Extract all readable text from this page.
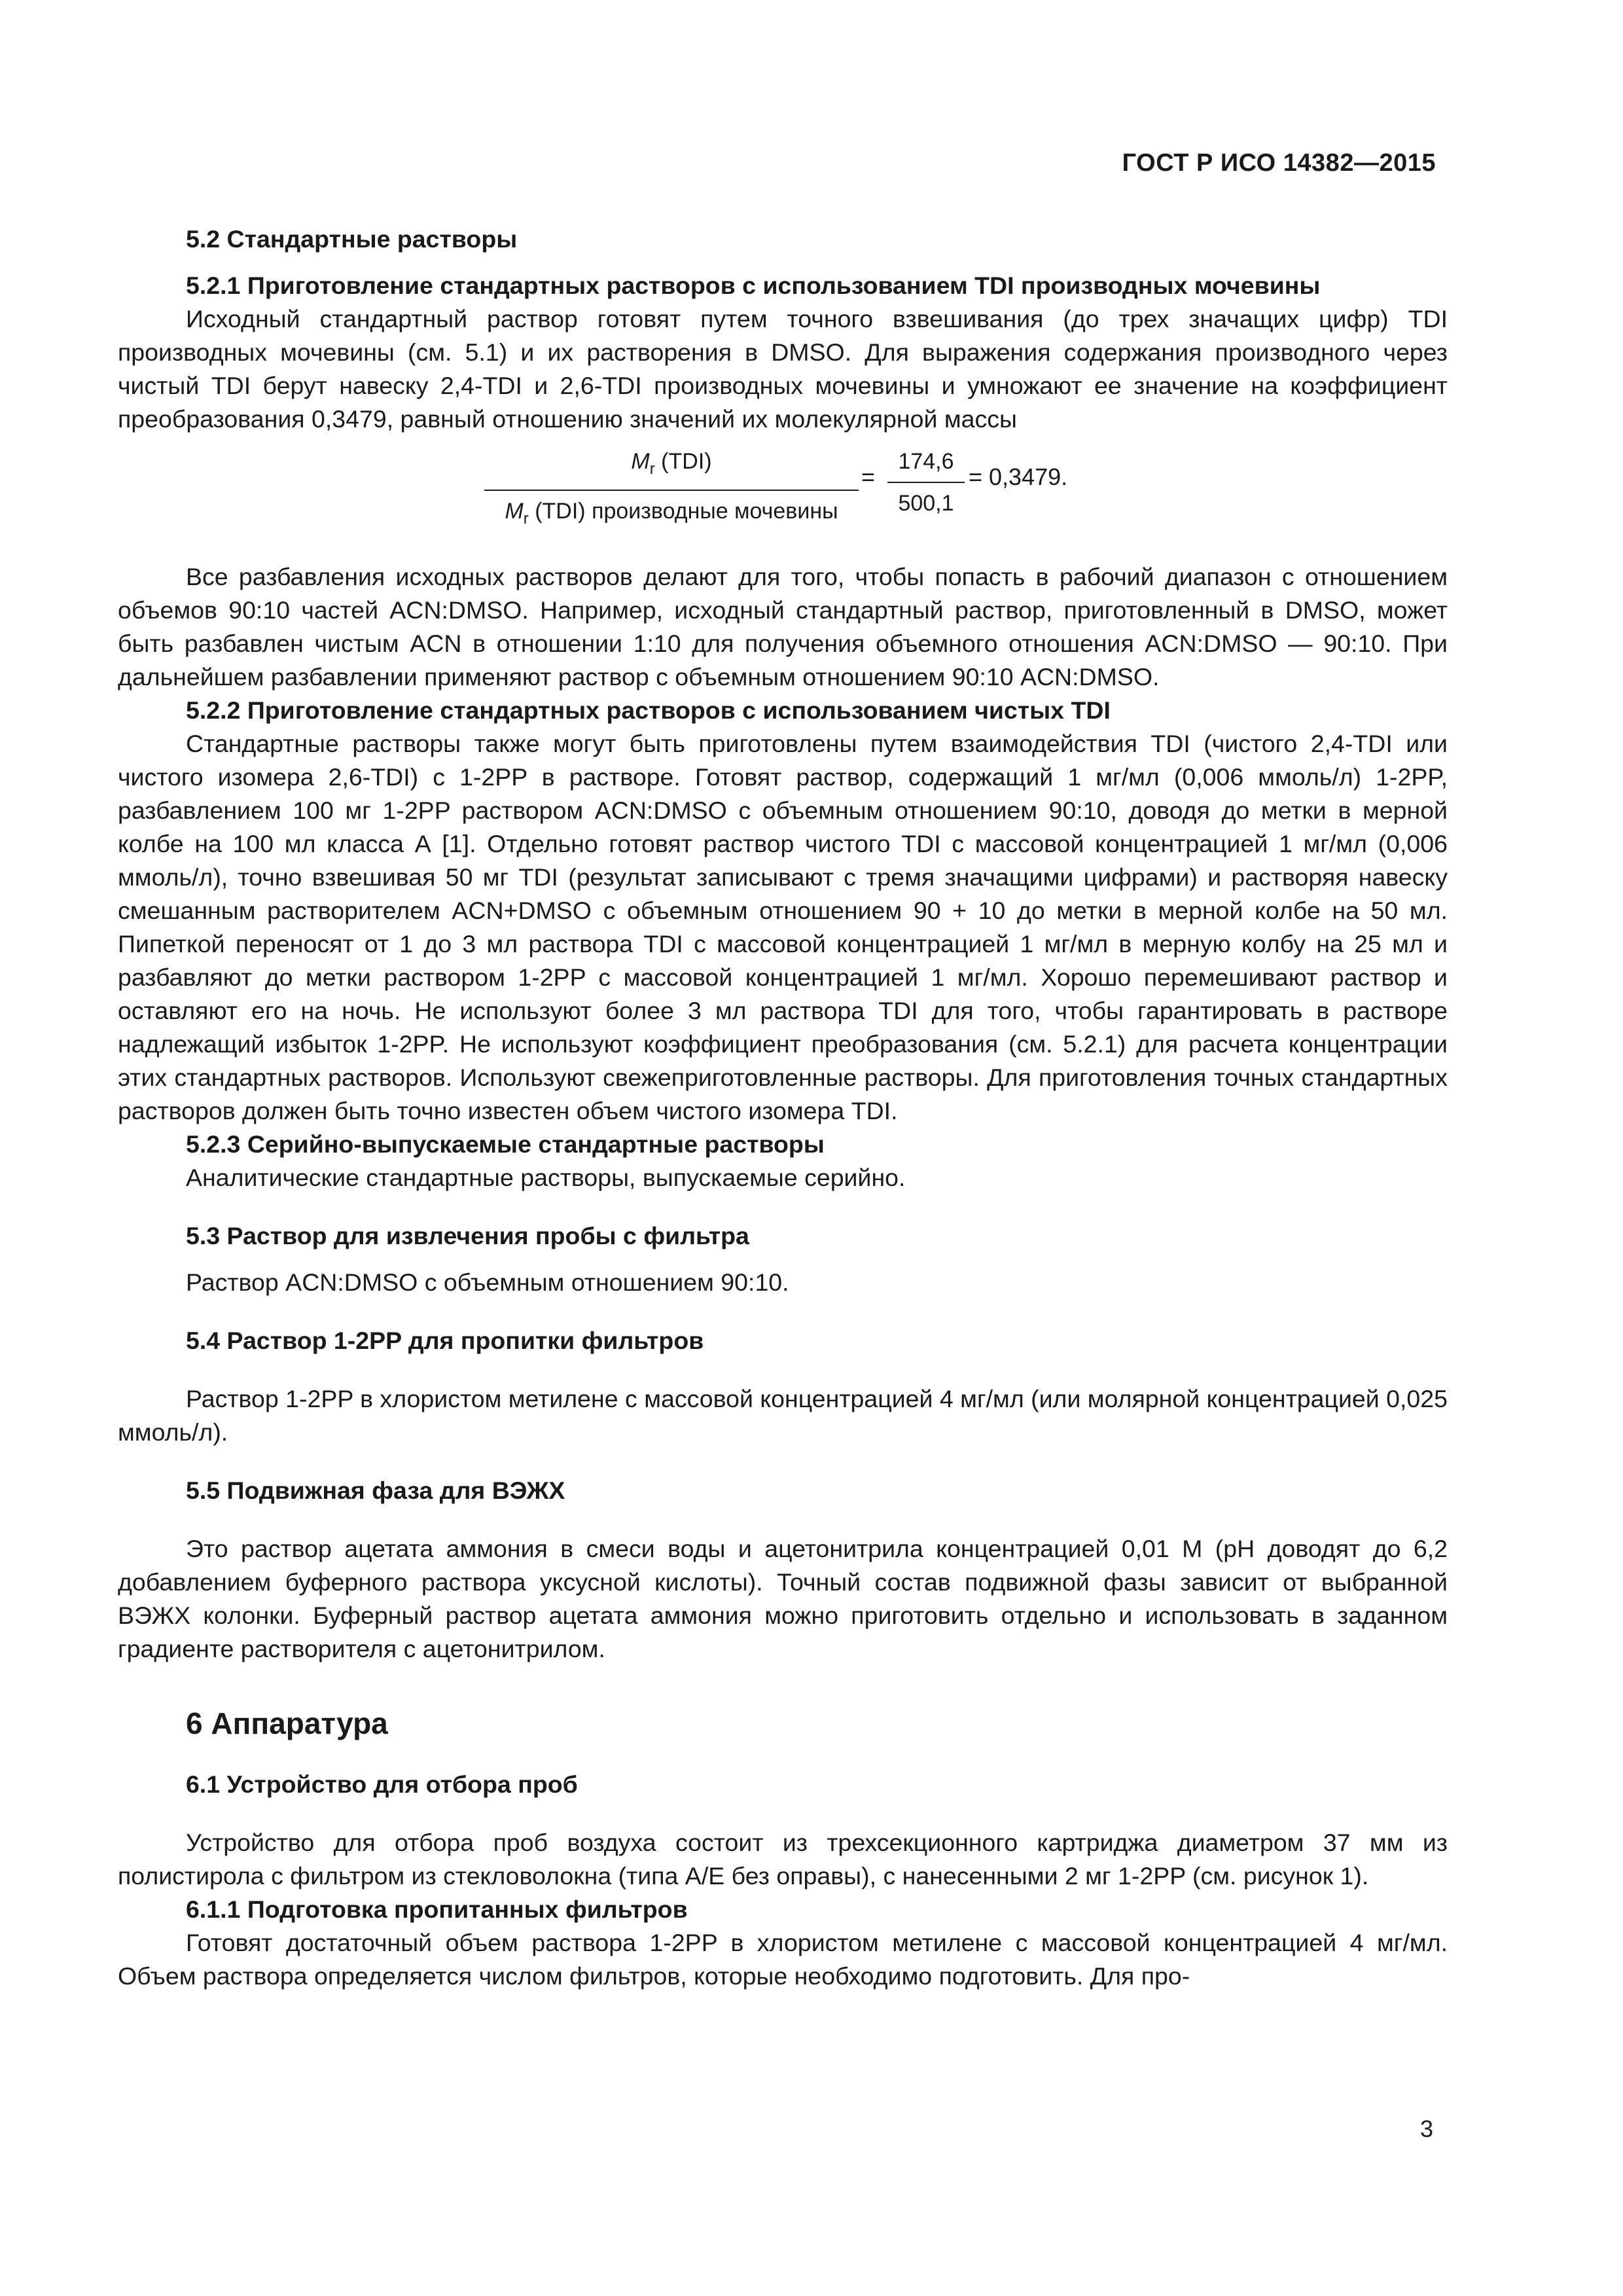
ГОСТ Р ИСО 14382—2015

5.2 Стандартные растворы

5.2.1 Приготовление стандартных растворов с использованием TDI производных мочевины

Исходный стандартный раствор готовят путем точного взвешивания (до трех значащих цифр) TDI производных мочевины (см. 5.1) и их растворения в DMSO. Для выражения содержания производного через чистый TDI берут навеску 2,4-TDI и 2,6-TDI производных мочевины и умножают ее значение на коэффициент преобразования 0,3479, равный отношению значений их молекулярной массы

$M_r$ (TDI)
$M_r$ (TDI) производные мочевины
=
174,6
500,1
= 0,3479.

Все разбавления исходных растворов делают для того, чтобы попасть в рабочий диапазон с отношением объемов 90:10 частей ACN:DMSO. Например, исходный стандартный раствор, приготовленный в DMSO, может быть разбавлен чистым ACN в отношении 1:10 для получения объемного отношения ACN:DMSO — 90:10. При дальнейшем разбавлении применяют раствор с объемным отношением 90:10 ACN:DMSO.

5.2.2 Приготовление стандартных растворов с использованием чистых TDI

Стандартные растворы также могут быть приготовлены путем взаимодействия TDI (чистого 2,4-TDI или чистого изомера 2,6-TDI) с 1-2PP в растворе. Готовят раствор, содержащий 1 мг/мл (0,006 ммоль/л) 1-2PP, разбавлением 100 мг 1-2PP раствором ACN:DMSO с объемным отношением 90:10, доводя до метки в мерной колбе на 100 мл класса А [1]. Отдельно готовят раствор чистого TDI с массовой концентрацией 1 мг/мл (0,006 ммоль/л), точно взвешивая 50 мг TDI (результат записывают с тремя значащими цифрами) и растворяя навеску смешанным растворителем ACN+DMSO с объемным отношением 90 + 10 до метки в мерной колбе на 50 мл. Пипеткой переносят от 1 до 3 мл раствора TDI с массовой концентрацией 1 мг/мл в мерную колбу на 25 мл и разбавляют до метки раствором 1-2PP с массовой концентрацией 1 мг/мл. Хорошо перемешивают раствор и оставляют его на ночь. Не используют более 3 мл раствора TDI для того, чтобы гарантировать в растворе надлежащий избыток 1-2PP. Не используют коэффициент преобразования (см. 5.2.1) для расчета концентрации этих стандартных растворов. Используют свежеприготовленные растворы. Для приготовления точных стандартных растворов должен быть точно известен объем чистого изомера TDI.

5.2.3 Серийно-выпускаемые стандартные растворы

Аналитические стандартные растворы, выпускаемые серийно.

5.3 Раствор для извлечения пробы с фильтра

Раствор ACN:DMSO с объемным отношением 90:10.

5.4 Раствор 1-2PP для пропитки фильтров

Раствор 1-2PP в хлористом метилене с массовой концентрацией 4 мг/мл (или молярной концентрацией 0,025 ммоль/л).

5.5 Подвижная фаза для ВЭЖХ

Это раствор ацетата аммония в смеси воды и ацетонитрила концентрацией 0,01 М (рН доводят до 6,2 добавлением буферного раствора уксусной кислоты). Точный состав подвижной фазы зависит от выбранной ВЭЖХ колонки. Буферный раствор ацетата аммония можно приготовить отдельно и использовать в заданном градиенте растворителя с ацетонитрилом.

6 Аппаратура

6.1 Устройство для отбора проб

Устройство для отбора проб воздуха состоит из трехсекционного картриджа диаметром 37 мм из полистирола с фильтром из стекловолокна (типа А/Е без оправы), с нанесенными 2 мг 1-2PP (см. рисунок 1).

6.1.1 Подготовка пропитанных фильтров

Готовят достаточный объем раствора 1-2PP в хлористом метилене с массовой концентрацией 4 мг/мл. Объем раствора определяется числом фильтров, которые необходимо подготовить. Для про-

3
